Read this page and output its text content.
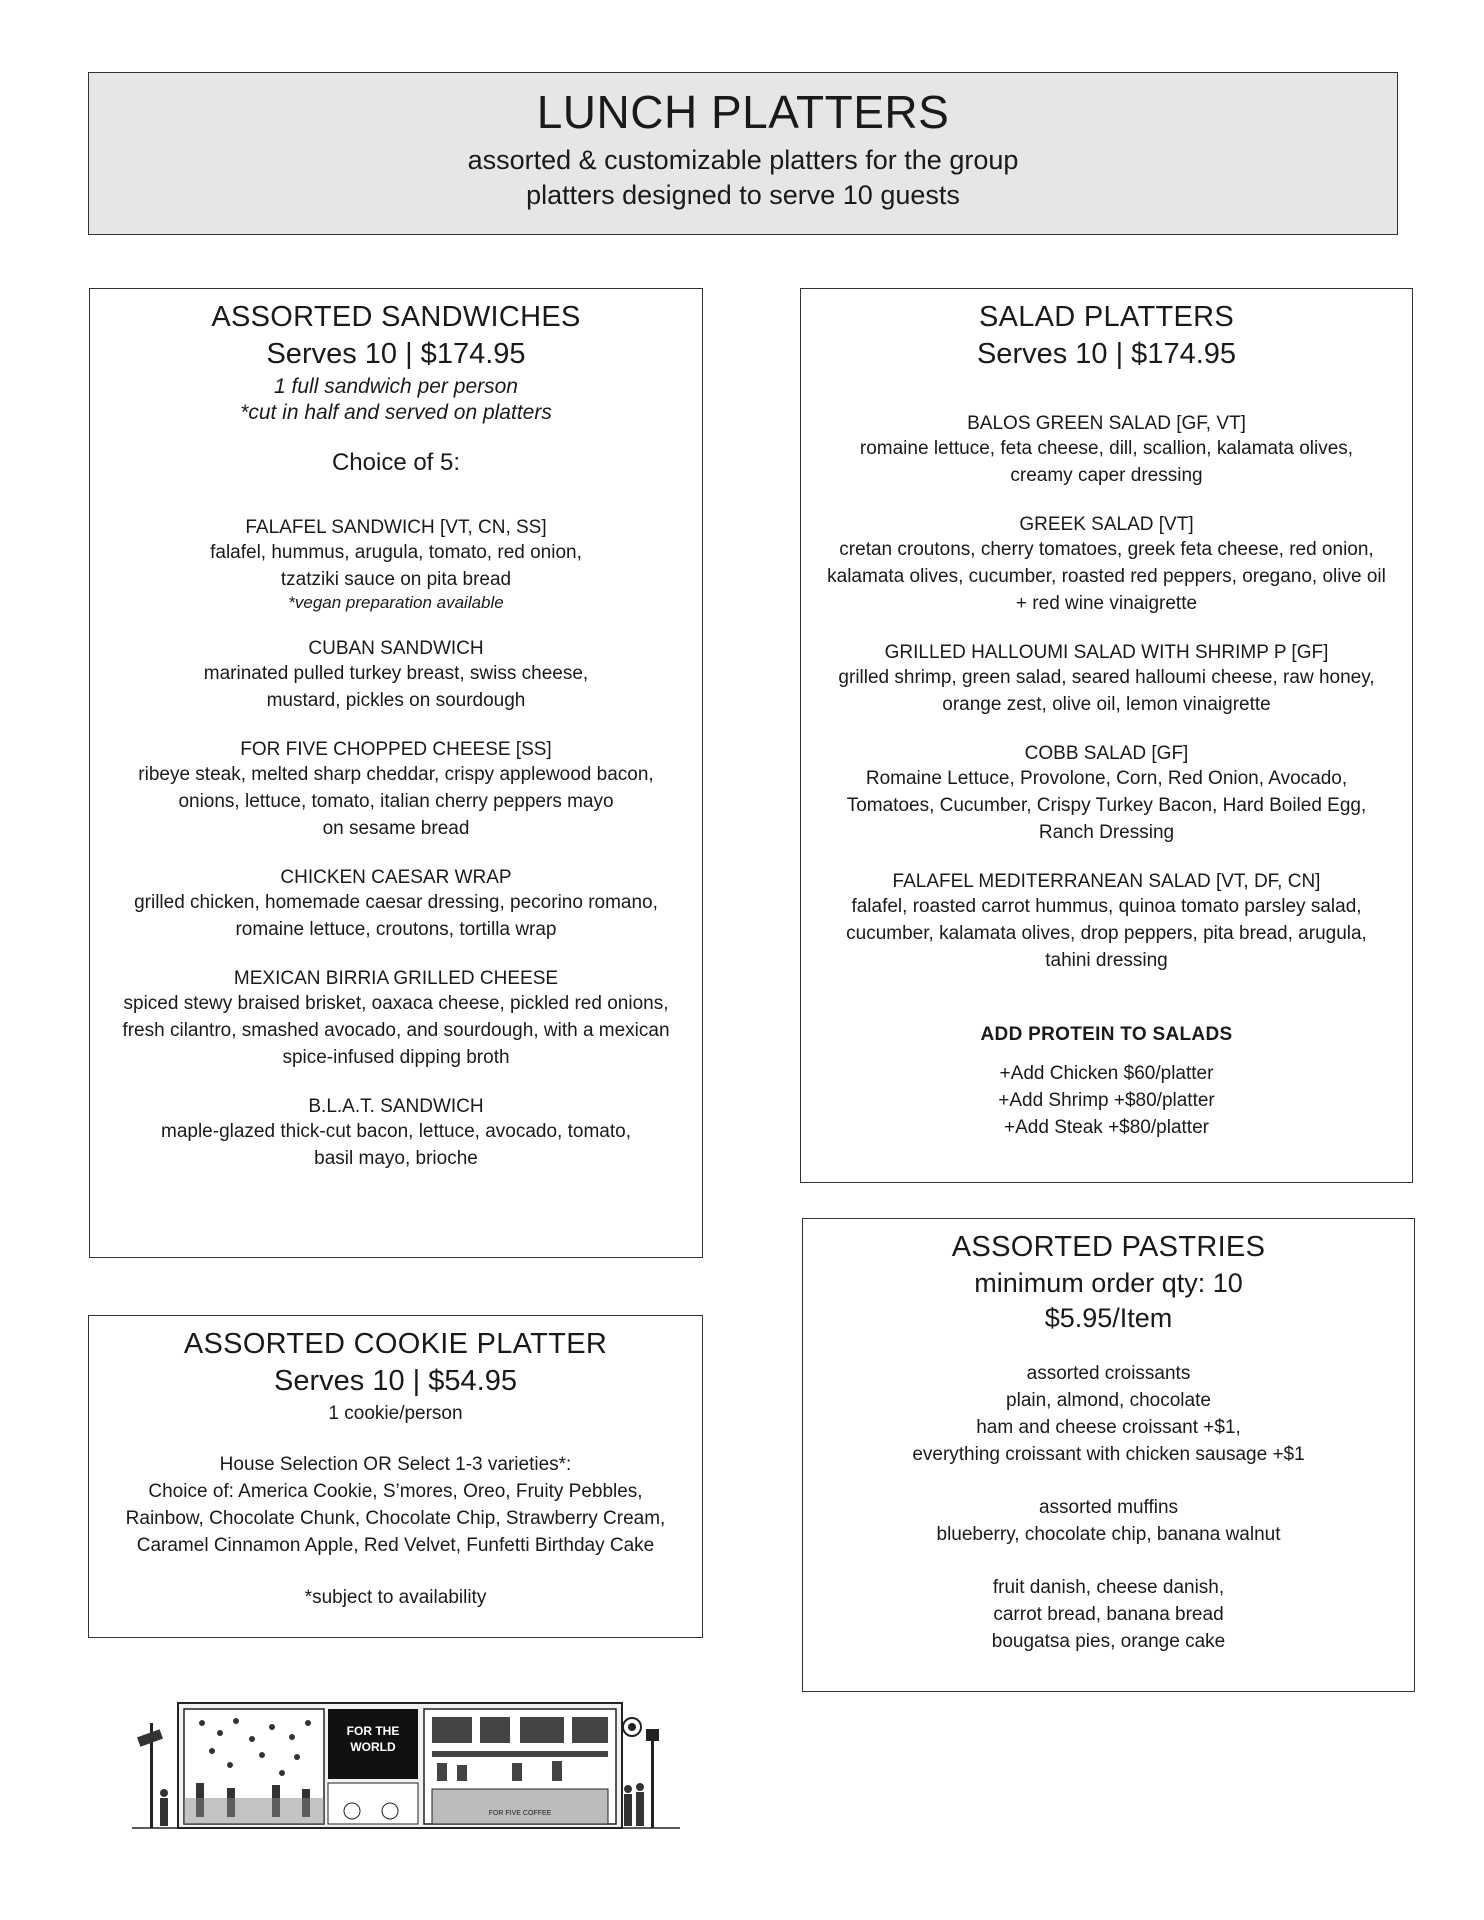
LUNCH PLATTERS
assorted & customizable platters for the group
platters designed to serve 10 guests
ASSORTED SANDWICHES
Serves 10 | $174.95
1 full sandwich per person
*cut in half and served on platters
Choice of 5:
FALAFEL SANDWICH [VT, CN, SS]
falafel, hummus, arugula, tomato, red onion,
tzatziki sauce on pita bread
*vegan preparation available
CUBAN SANDWICH
marinated pulled turkey breast, swiss cheese,
mustard, pickles on sourdough
FOR FIVE CHOPPED CHEESE [SS]
ribeye steak, melted sharp cheddar, crispy applewood bacon,
onions, lettuce, tomato, italian cherry peppers mayo
on sesame bread
CHICKEN CAESAR WRAP
grilled chicken, homemade caesar dressing, pecorino romano,
romaine lettuce, croutons, tortilla wrap
MEXICAN BIRRIA GRILLED CHEESE
spiced stewy braised brisket, oaxaca cheese, pickled red onions,
fresh cilantro, smashed avocado, and sourdough, with a mexican
spice-infused dipping broth
B.L.A.T. SANDWICH
maple-glazed thick-cut bacon, lettuce, avocado, tomato,
basil mayo, brioche
SALAD PLATTERS
Serves 10 | $174.95
BALOS GREEN SALAD [GF, VT]
romaine lettuce, feta cheese, dill, scallion, kalamata olives,
creamy caper dressing
GREEK SALAD [VT]
cretan croutons, cherry tomatoes, greek feta cheese, red onion,
kalamata olives, cucumber, roasted red peppers, oregano, olive oil
+ red wine vinaigrette
GRILLED HALLOUMI SALAD WITH SHRIMP P [GF]
grilled shrimp, green salad, seared halloumi cheese, raw honey,
orange zest, olive oil, lemon vinaigrette
COBB SALAD [GF]
Romaine Lettuce, Provolone, Corn, Red Onion, Avocado,
Tomatoes, Cucumber, Crispy Turkey Bacon, Hard Boiled Egg,
Ranch Dressing
FALAFEL MEDITERRANEAN SALAD [VT, DF, CN]
falafel, roasted carrot hummus, quinoa tomato parsley salad,
cucumber, kalamata olives, drop peppers, pita bread, arugula,
tahini dressing
ADD PROTEIN TO SALADS
+Add Chicken $60/platter
+Add Shrimp +$80/platter
+Add Steak +$80/platter
ASSORTED COOKIE PLATTER
Serves 10 | $54.95
1 cookie/person
House Selection OR Select 1-3 varieties*:
Choice of: America Cookie, S’mores, Oreo, Fruity Pebbles,
Rainbow, Chocolate Chunk, Chocolate Chip, Strawberry Cream,
Caramel Cinnamon Apple, Red Velvet, Funfetti Birthday Cake
*subject to availability
ASSORTED PASTRIES
minimum order qty: 10
$5.95/Item
assorted croissants
plain, almond, chocolate
ham and cheese croissant +$1,
everything croissant with chicken sausage +$1
assorted muffins
blueberry, chocolate chip, banana walnut
fruit danish, cheese danish,
carrot bread, banana bread
bougatsa pies, orange cake
FOR THE
WORLD
FOR FIVE COFFEE
